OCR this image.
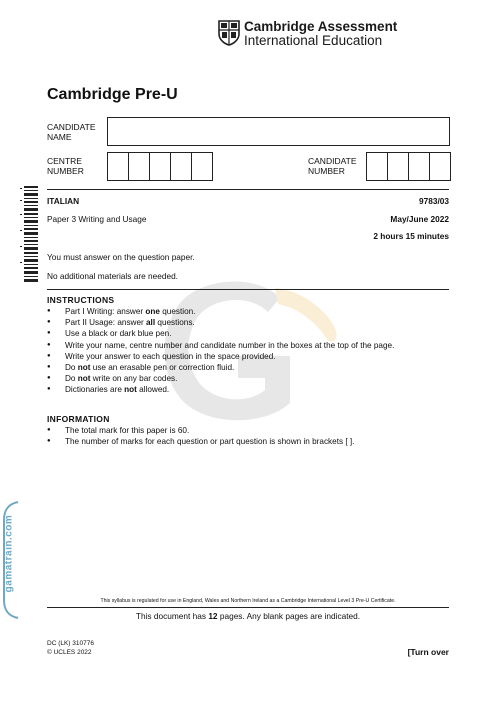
Cambridge Assessment
International Education
Cambridge Pre-U
CANDIDATE
NAME
CENTRE
NUMBER
CANDIDATE
NUMBER
ITALIAN	9783/03
Paper 3 Writing and Usage	May/June 2022
2 hours 15 minutes
You must answer on the question paper.
No additional materials are needed.
INSTRUCTIONS
● Part I Writing: answer one question.
● Part II Usage: answer all questions.
● Use a black or dark blue pen.
● Write your name, centre number and candidate number in the boxes at the top of the page.
● Write your answer to each question in the space provided.
● Do not use an erasable pen or correction fluid.
● Do not write on any bar codes.
● Dictionaries are not allowed.
INFORMATION
● The total mark for this paper is 60.
● The number of marks for each question or part question is shown in brackets [ ].
gamatrain.com
This syllabus is regulated for use in England, Wales and Northern Ireland as a Cambridge International Level 3 Pre-U Certificate.
This document has 12 pages. Any blank pages are indicated.
DC (LK) 310776
© UCLES 2022	[Turn over
